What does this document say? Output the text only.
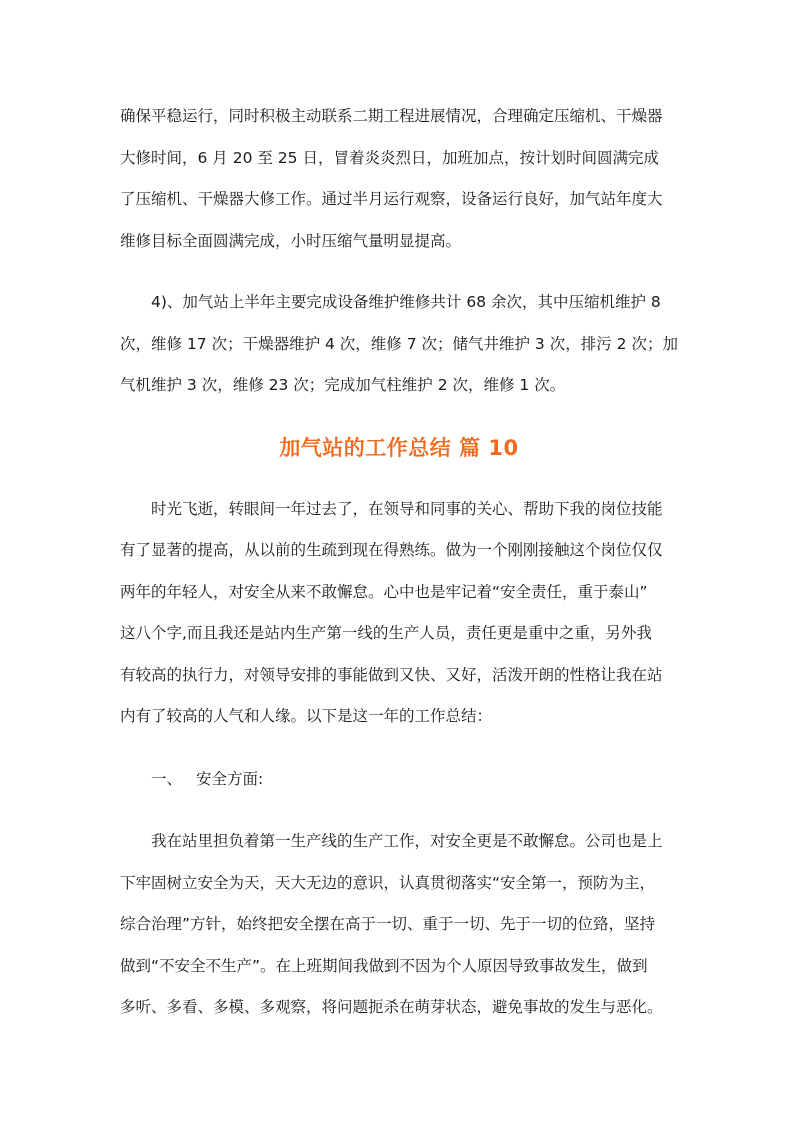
确保平稳运行，同时积极主动联系二期工程进展情况，合理确定压缩机、干燥器
大修时间，6 月 20 至 25 日，冒着炎炎烈日，加班加点，按计划时间圆满完成
了压缩机、干燥器大修工作。通过半月运行观察，设备运行良好，加气站年度大
维修目标全面圆满完成，小时压缩气量明显提高。

4)、加气站上半年主要完成设备维护维修共计 68 余次，其中压缩机维护 8
次，维修 17 次；干燥器维护 4 次，维修 7 次；储气井维护 3 次，排污 2 次；加
气机维护 3 次，维修 23 次；完成加气柱维护 2 次，维修 1 次。

加气站的工作总结 篇 10

时光飞逝，转眼间一年过去了，在领导和同事的关心、帮助下我的岗位技能
有了显著的提高，从以前的生疏到现在得熟练。做为一个刚刚接触这个岗位仅仅
两年的年轻人，对安全从来不敢懈怠。心中也是牢记着“安全责任，重于泰山”
这八个字,而且我还是站内生产第一线的生产人员，责任更是重中之重，另外我
有较高的执行力，对领导安排的事能做到又快、又好，活泼开朗的性格让我在站
内有了较高的人气和人缘。以下是这一年的工作总结：

一、 安全方面:

我在站里担负着第一生产线的生产工作，对安全更是不敢懈怠。公司也是上
下牢固树立安全为天，天大无边的意识，认真贯彻落实“安全第一，预防为主，
综合治理”方针，始终把安全摆在高于一切、重于一切、先于一切的位臵，坚持
做到“不安全不生产”。在上班期间我做到不因为个人原因导致事故发生，做到
多听、多看、多模、多观察，将问题扼杀在萌芽状态，避免事故的发生与恶化。
